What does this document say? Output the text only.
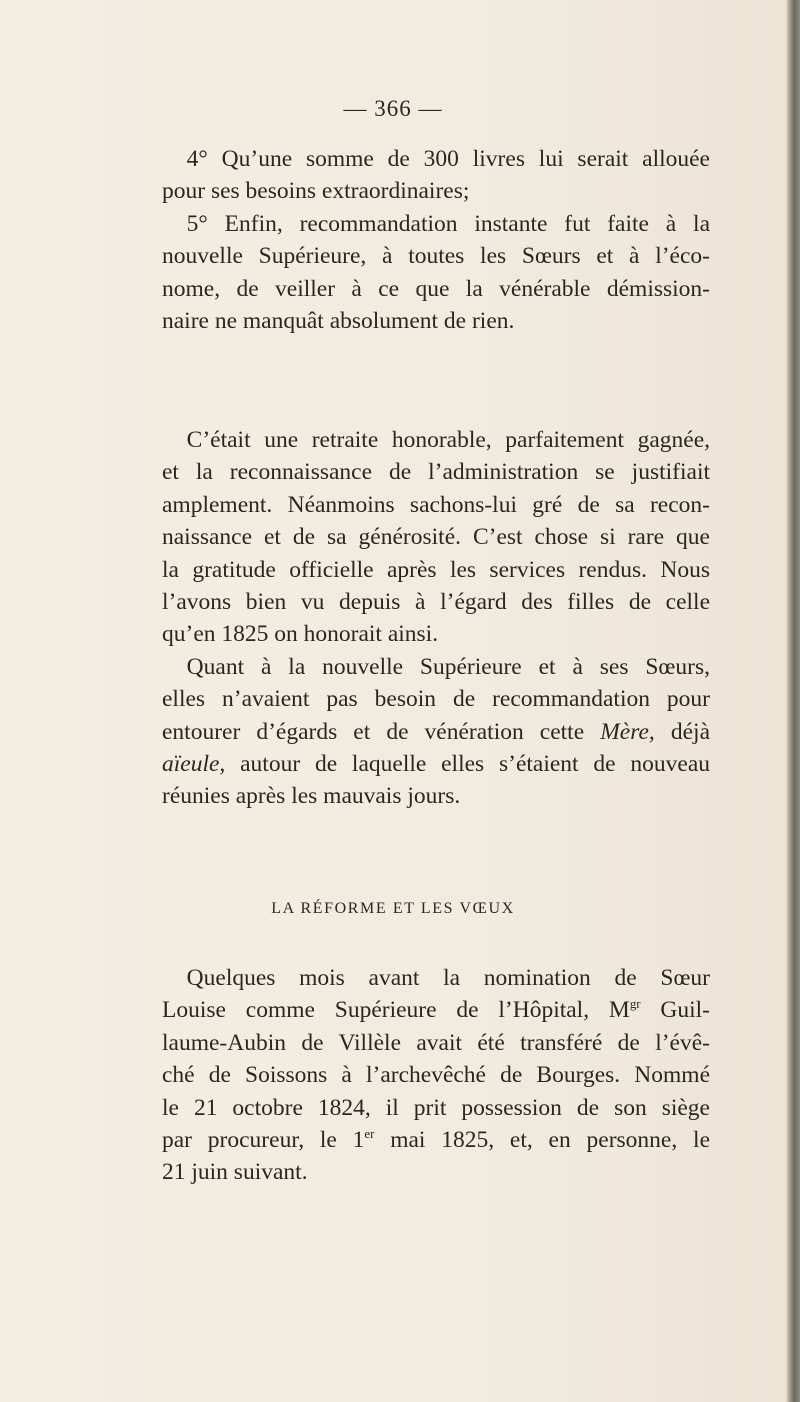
— 366 —
4° Qu’une somme de 300 livres lui serait allouée
pour ses besoins extraordinaires;
5° Enfin, recommandation instante fut faite à la
nouvelle Supérieure, à toutes les Sœurs et à l’éco-
nome, de veiller à ce que la vénérable démission-
naire ne manquât absolument de rien.
C’était une retraite honorable, parfaitement gagnée,
et la reconnaissance de l’administration se justifiait
amplement. Néanmoins sachons-lui gré de sa recon-
naissance et de sa générosité. C’est chose si rare que
la gratitude officielle après les services rendus. Nous
l’avons bien vu depuis à l’égard des filles de celle
qu’en 1825 on honorait ainsi.
Quant à la nouvelle Supérieure et à ses Sœurs,
elles n’avaient pas besoin de recommandation pour
entourer d’égards et de vénération cette Mère, déjà
aïeule, autour de laquelle elles s’étaient de nouveau
réunies après les mauvais jours.
LA RÉFORME ET LES VŒUX
Quelques mois avant la nomination de Sœur
Louise comme Supérieure de l’Hôpital, $M^{gr}$ Guil-
laume-Aubin de Villèle avait été transféré de l’évê-
ché de Soissons à l’archevêché de Bourges. Nommé
le 21 octobre 1824, il prit possession de son siège
par procureur, le 1er mai 1825, et, en personne, le
21 juin suivant.
